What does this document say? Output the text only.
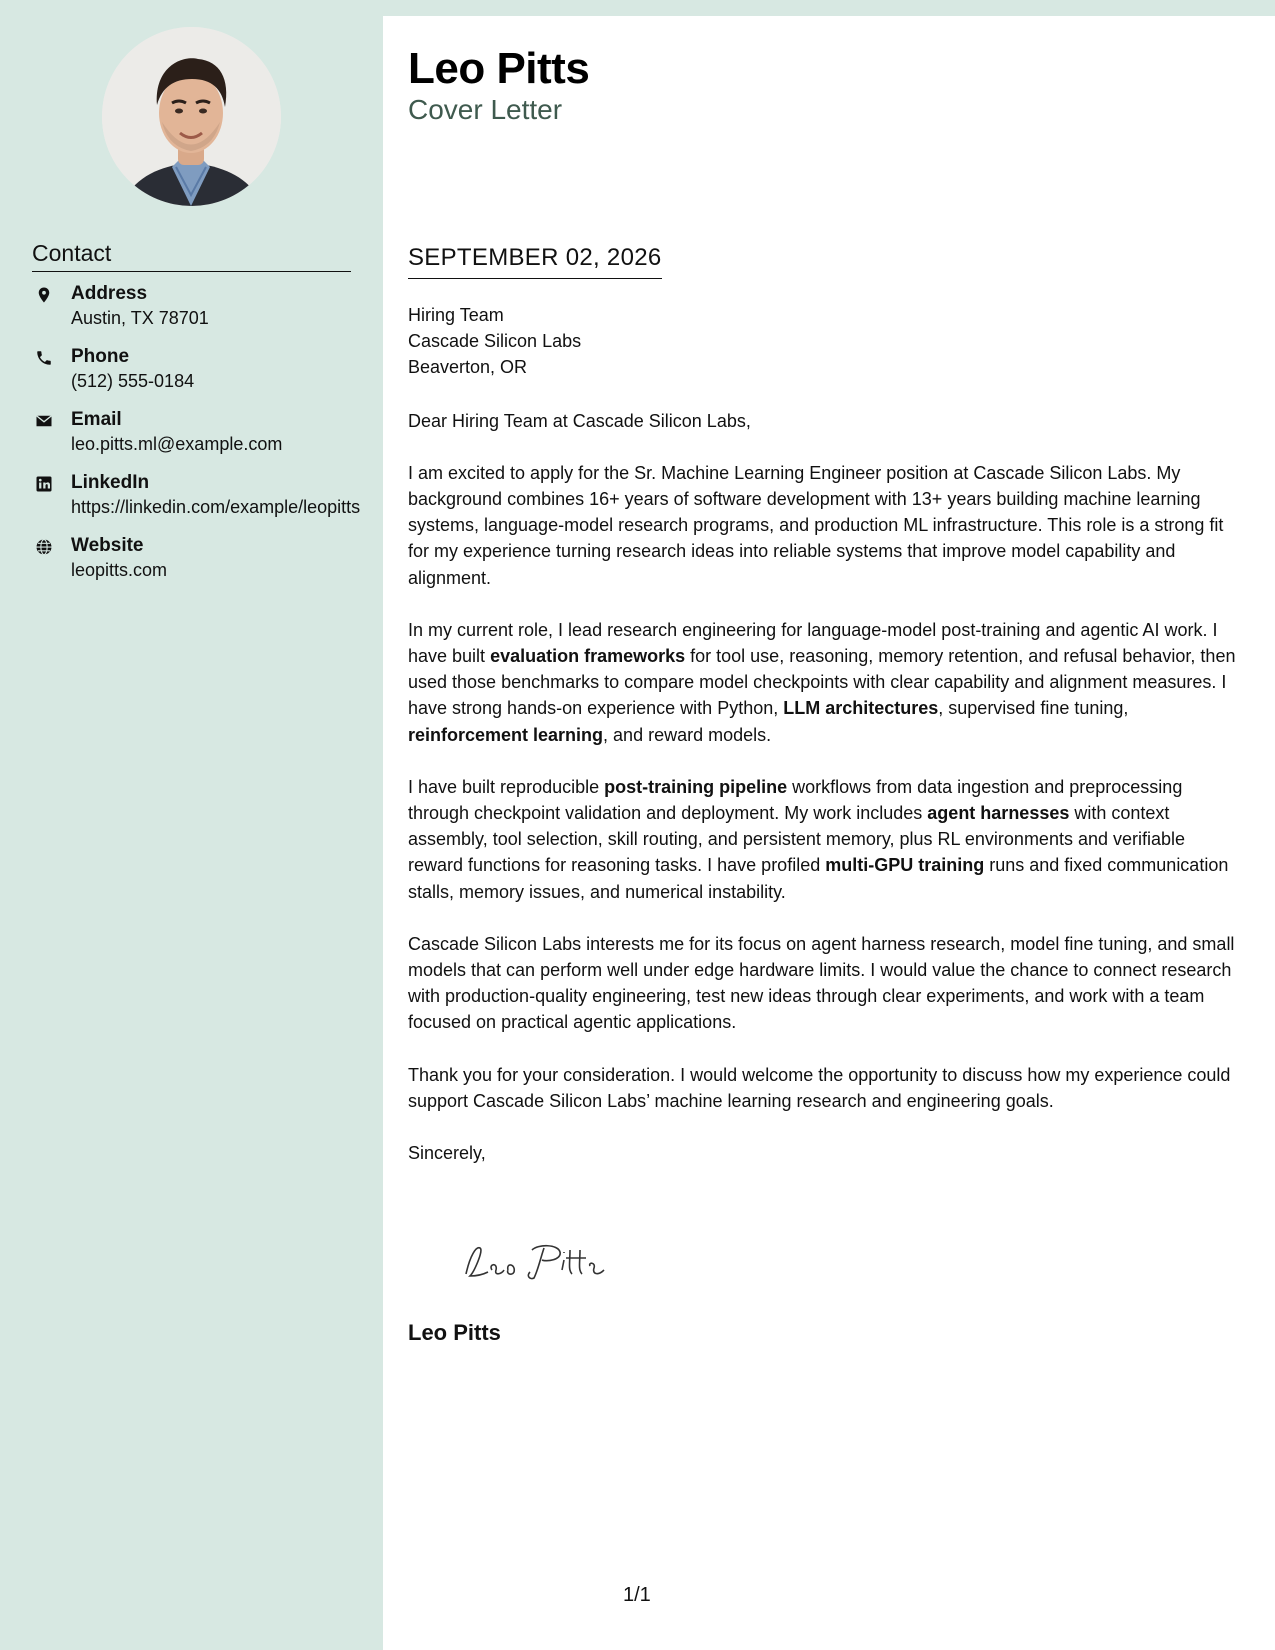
Contact
Address
Austin, TX 78701
Phone
(512) 555-0184
Email
leo.pitts.ml@example.com
LinkedIn
https://linkedin.com/example/leopitts
Website
leopitts.com
Leo Pitts
Cover Letter
SEPTEMBER 02, 2026

Hiring Team

Cascade Silicon Labs

Beaverton, OR

Dear Hiring Team at Cascade Silicon Labs,

I am excited to apply for the Sr. Machine Learning Engineer position at Cascade Silicon Labs. My background combines 16+ years of software development with 13+ years building machine learning systems, language-model research programs, and production ML infrastructure. This role is a strong fit for my experience turning research ideas into reliable systems that improve model capability and alignment.

In my current role, I lead research engineering for language-model post-training and agentic AI work. I have built evaluation frameworks for tool use, reasoning, memory retention, and refusal behavior, then used those benchmarks to compare model checkpoints with clear capability and alignment measures. I have strong hands-on experience with Python, LLM architectures, supervised fine tuning, reinforcement learning, and reward models.

I have built reproducible post-training pipeline workflows from data ingestion and preprocessing through checkpoint validation and deployment. My work includes agent harnesses with context assembly, tool selection, skill routing, and persistent memory, plus RL environments and verifiable reward functions for reasoning tasks. I have profiled multi-GPU training runs and fixed communication stalls, memory issues, and numerical instability.

Cascade Silicon Labs interests me for its focus on agent harness research, model fine tuning, and small models that can perform well under edge hardware limits. I would value the chance to connect research with production-quality engineering, test new ideas through clear experiments, and work with a team focused on practical agentic applications.

Thank you for your consideration. I would welcome the opportunity to discuss how my experience could support Cascade Silicon Labs’ machine learning research and engineering goals.

Sincerely,

Leo Pitts
1/1
